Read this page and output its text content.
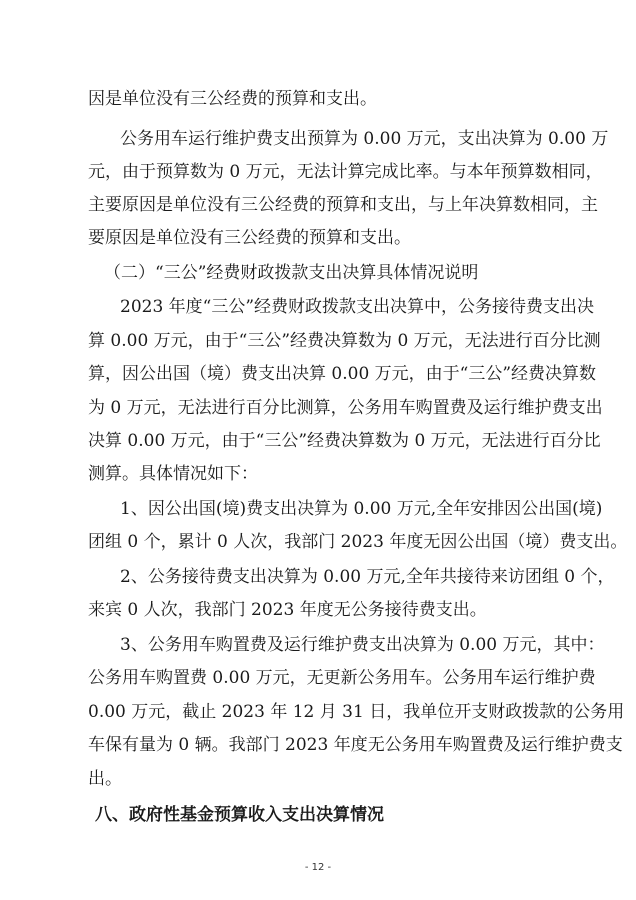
因是单位没有三公经费的预算和支出。
公务用车运行维护费支出预算为 0.00 万元，支出决算为 0.00 万
元，由于预算数为 0 万元，无法计算完成比率。与本年预算数相同，
主要原因是单位没有三公经费的预算和支出，与上年决算数相同，主
要原因是单位没有三公经费的预算和支出。
（二）“三公”经费财政拨款支出决算具体情况说明
2023 年度“三公”经费财政拨款支出决算中，公务接待费支出决
算 0.00 万元，由于“三公”经费决算数为 0 万元，无法进行百分比测
算，因公出国（境）费支出决算 0.00 万元，由于“三公”经费决算数
为 0 万元，无法进行百分比测算，公务用车购置费及运行维护费支出
决算 0.00 万元，由于“三公”经费决算数为 0 万元，无法进行百分比
测算。具体情况如下：
1、因公出国(境)费支出决算为 0.00 万元,全年安排因公出国(境)
团组 0 个，累计 0 人次，我部门 2023 年度无因公出国（境）费支出。
2、公务接待费支出决算为 0.00 万元,全年共接待来访团组 0 个，
来宾 0 人次，我部门 2023 年度无公务接待费支出。
3、公务用车购置费及运行维护费支出决算为 0.00 万元，其中：
公务用车购置费 0.00 万元，无更新公务用车。公务用车运行维护费
0.00 万元，截止 2023 年 12 月 31 日，我单位开支财政拨款的公务用
车保有量为 0 辆。我部门 2023 年度无公务用车购置费及运行维护费支
出。
八、政府性基金预算收入支出决算情况
- 12 -
